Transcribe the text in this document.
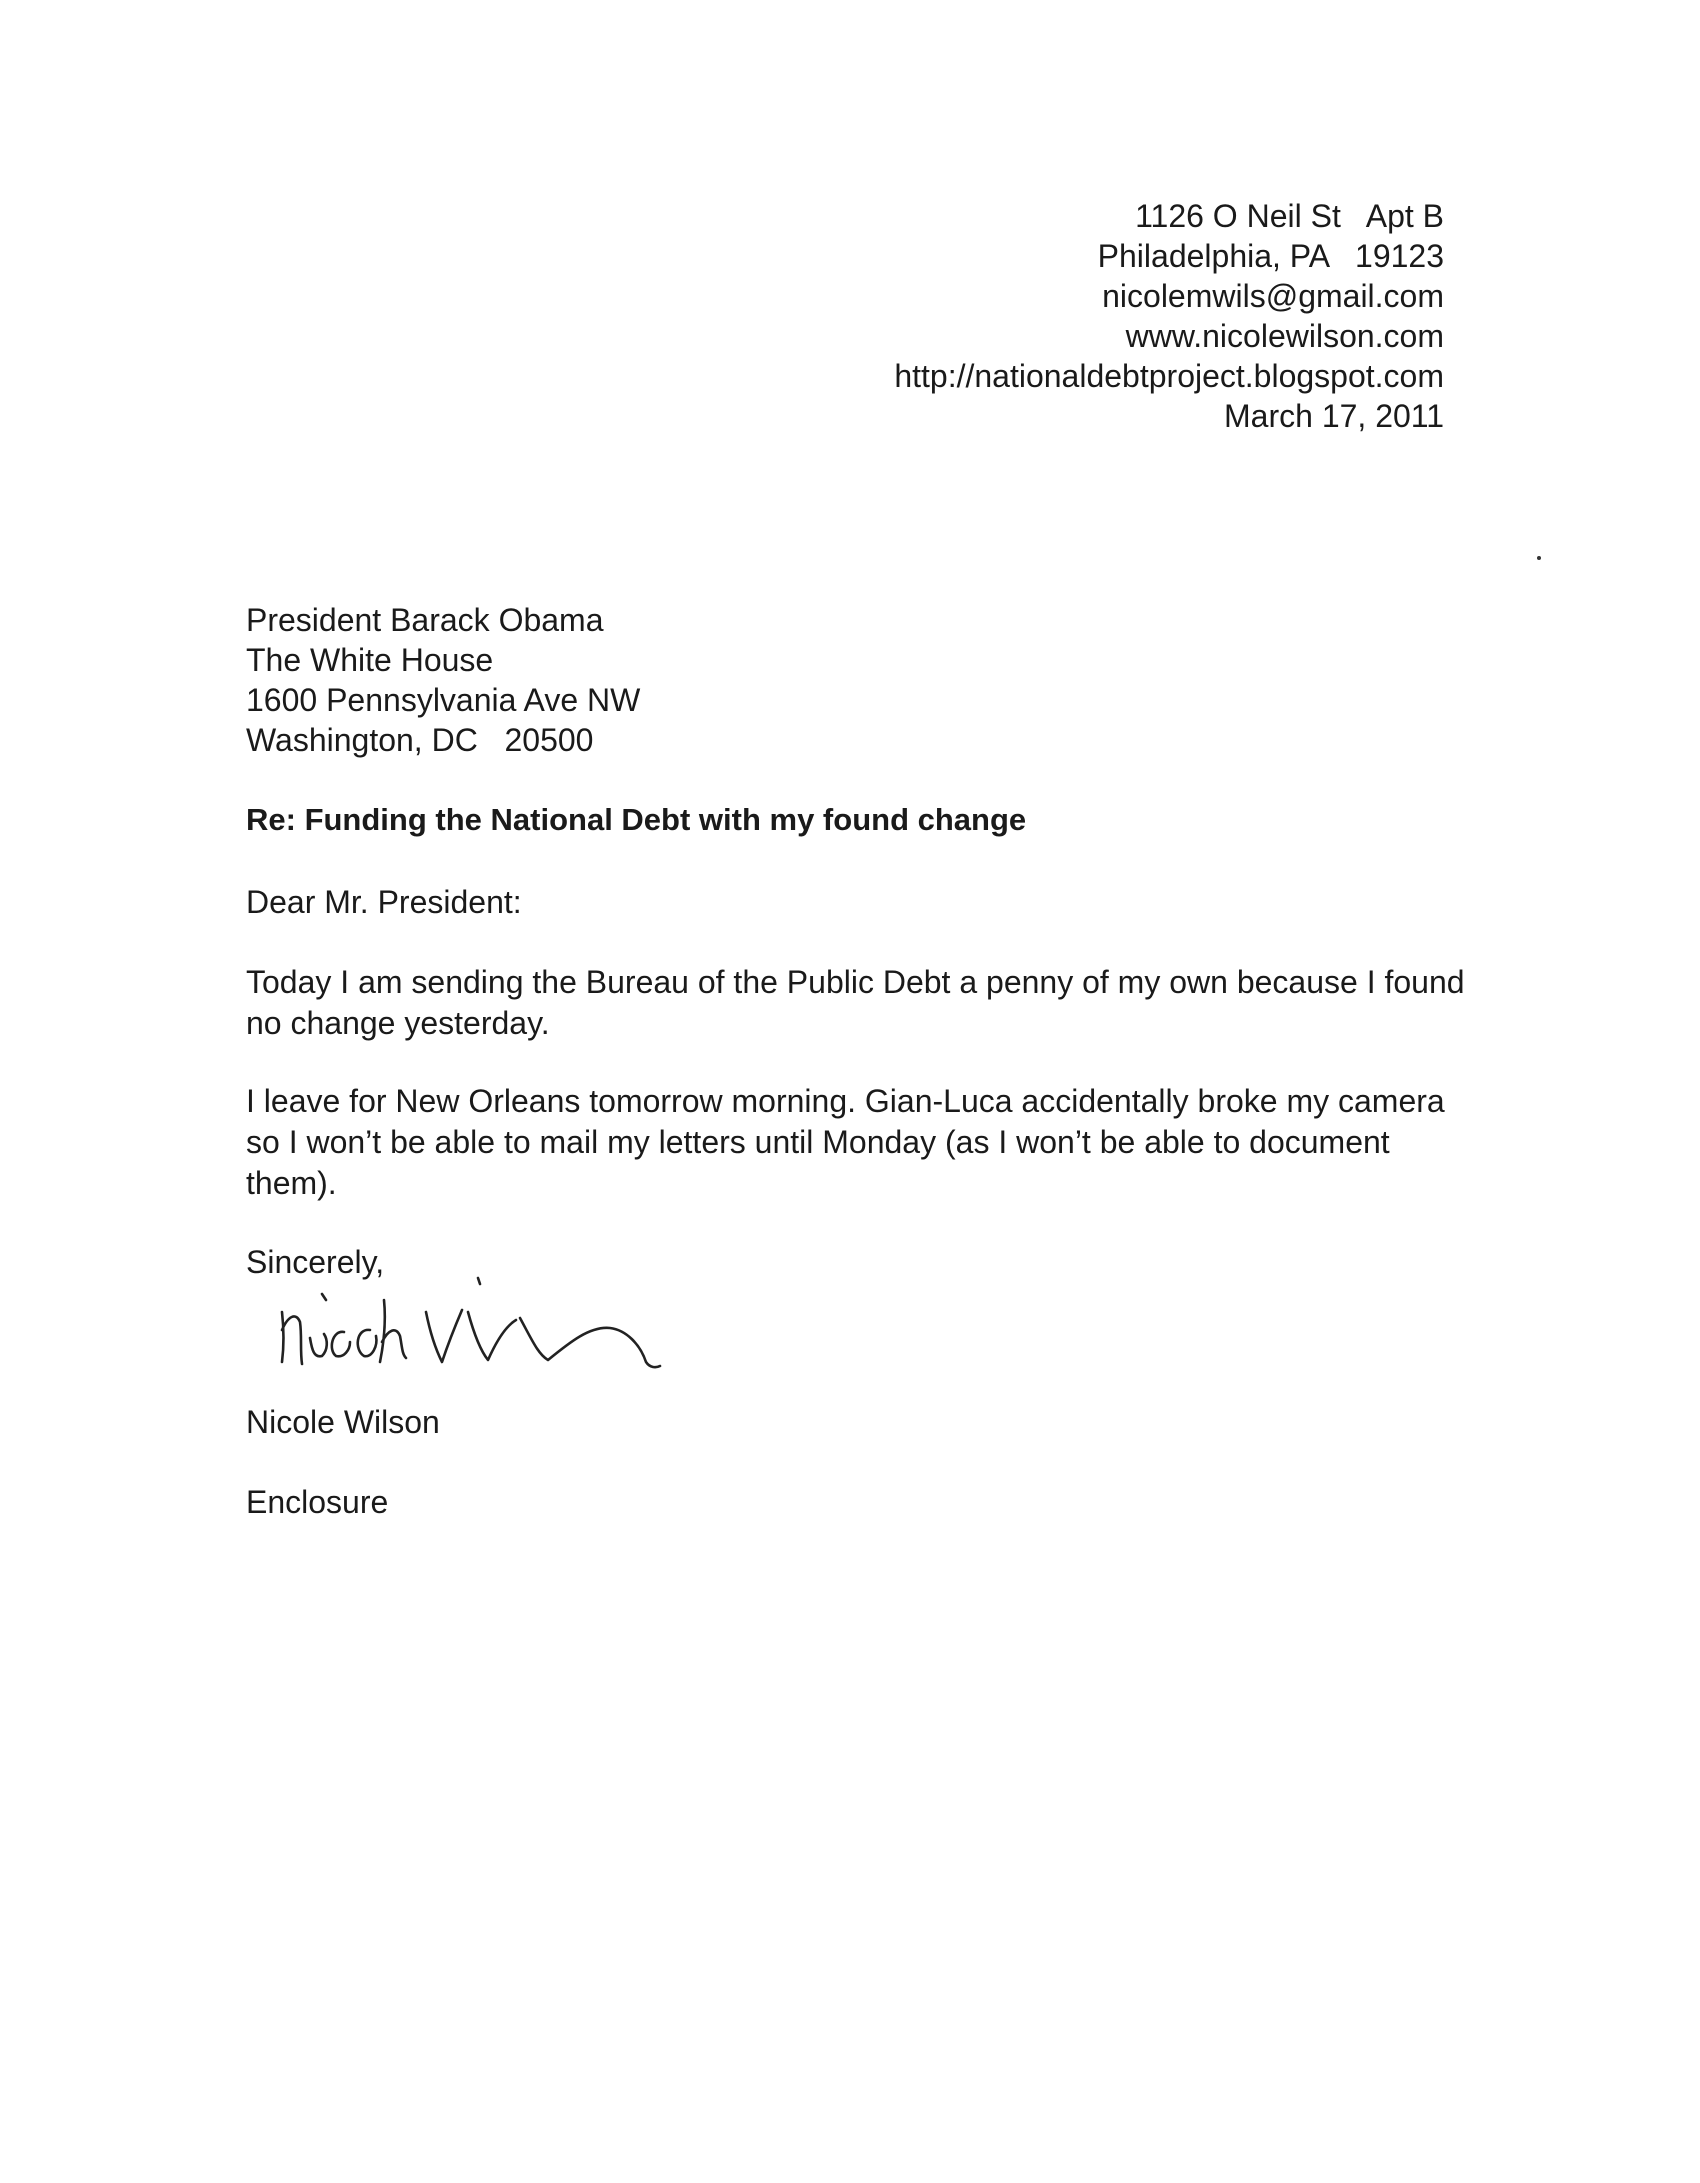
1126 O Neil St   Apt B
Philadelphia, PA   19123
nicolemwils@gmail.com
www.nicolewilson.com
http://nationaldebtproject.blogspot.com
March 17, 2011
President Barack Obama
The White House
1600 Pennsylvania Ave NW
Washington, DC   20500
Re: Funding the National Debt with my found change
Dear Mr. President:
Today I am sending the Bureau of the Public Debt a penny of my own because I found no change yesterday.
I leave for New Orleans tomorrow morning. Gian-Luca accidentally broke my camera so I won’t be able to mail my letters until Monday (as I won’t be able to document them).
Sincerely,
Nicole Wilson
Enclosure
